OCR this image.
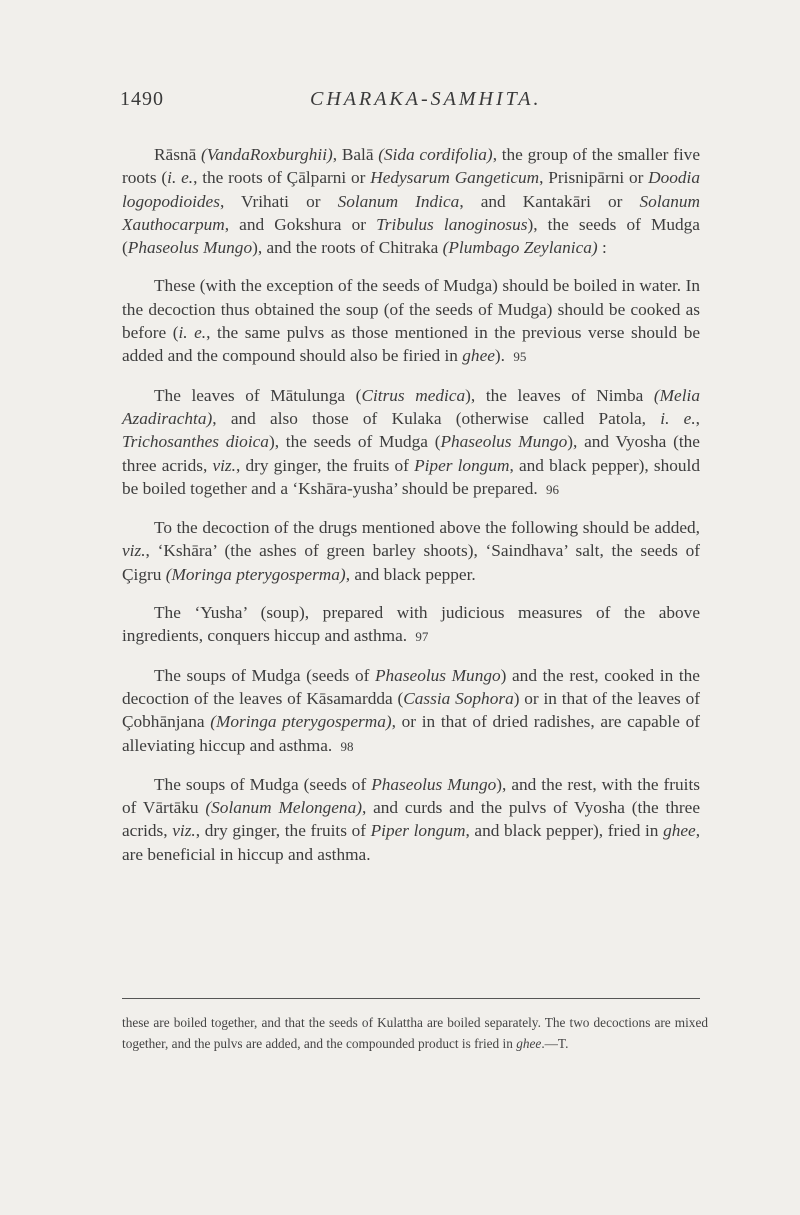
1490	CHARAKA-SAMHITA.

Rāsnā (VandaRoxburghii), Balā (Sida cordifolia), the group of the smaller five roots (i. e., the roots of Çālparni or Hedysarum Gangeticum, Prisnipārni or Doodia logopodioides, Vrihati or Solanum Indica, and Kantakāri or Solanum Xauthocarpum, and Gokshura or Tribulus lanoginosus), the seeds of Mudga (Phaseolus Mungo), and the roots of Chitraka (Plumbago Zeylanica) :

These (with the exception of the seeds of Mudga) should be boiled in water. In the decoction thus obtained the soup (of the seeds of Mudga) should be cooked as before (i. e., the same pulvs as those mentioned in the previous verse should be added and the compound should also be firied in ghee). 95

The leaves of Mātulunga (Citrus medica), the leaves of Nimba (Melia Azadirachta), and also those of Kulaka (otherwise called Patola, i. e., Trichosanthes dioica), the seeds of Mudga (Phaseolus Mungo), and Vyosha (the three acrids, viz., dry ginger, the fruits of Piper longum, and black pepper), should be boiled together and a ‘Kshāra-yusha’ should be prepared. 96

To the decoction of the drugs mentioned above the following should be added, viz., ‘Kshāra’ (the ashes of green barley shoots), ‘Saindhava’ salt, the seeds of Çigru (Moringa pterygosperma), and black pepper.

The ‘Yusha’ (soup), prepared with judicious measures of the above ingredients, conquers hiccup and asthma. 97

The soups of Mudga (seeds of Phaseolus Mungo) and the rest, cooked in the decoction of the leaves of Kāsamardda (Cassia Sophora) or in that of the leaves of Çobhānjana (Moringa pterygosperma), or in that of dried radishes, are capable of alleviating hiccup and asthma. 98

The soups of Mudga (seeds of Phaseolus Mungo), and the rest, with the fruits of Vārtāku (Solanum Melongena), and curds and the pulvs of Vyosha (the three acrids, viz., dry ginger, the fruits of Piper longum, and black pepper), fried in ghee, are beneficial in hiccup and asthma.

these are boiled together, and that the seeds of Kulattha are boiled separately. The two decoctions are mixed together, and the pulvs are added, and the compounded product is fried in ghee.—T.
